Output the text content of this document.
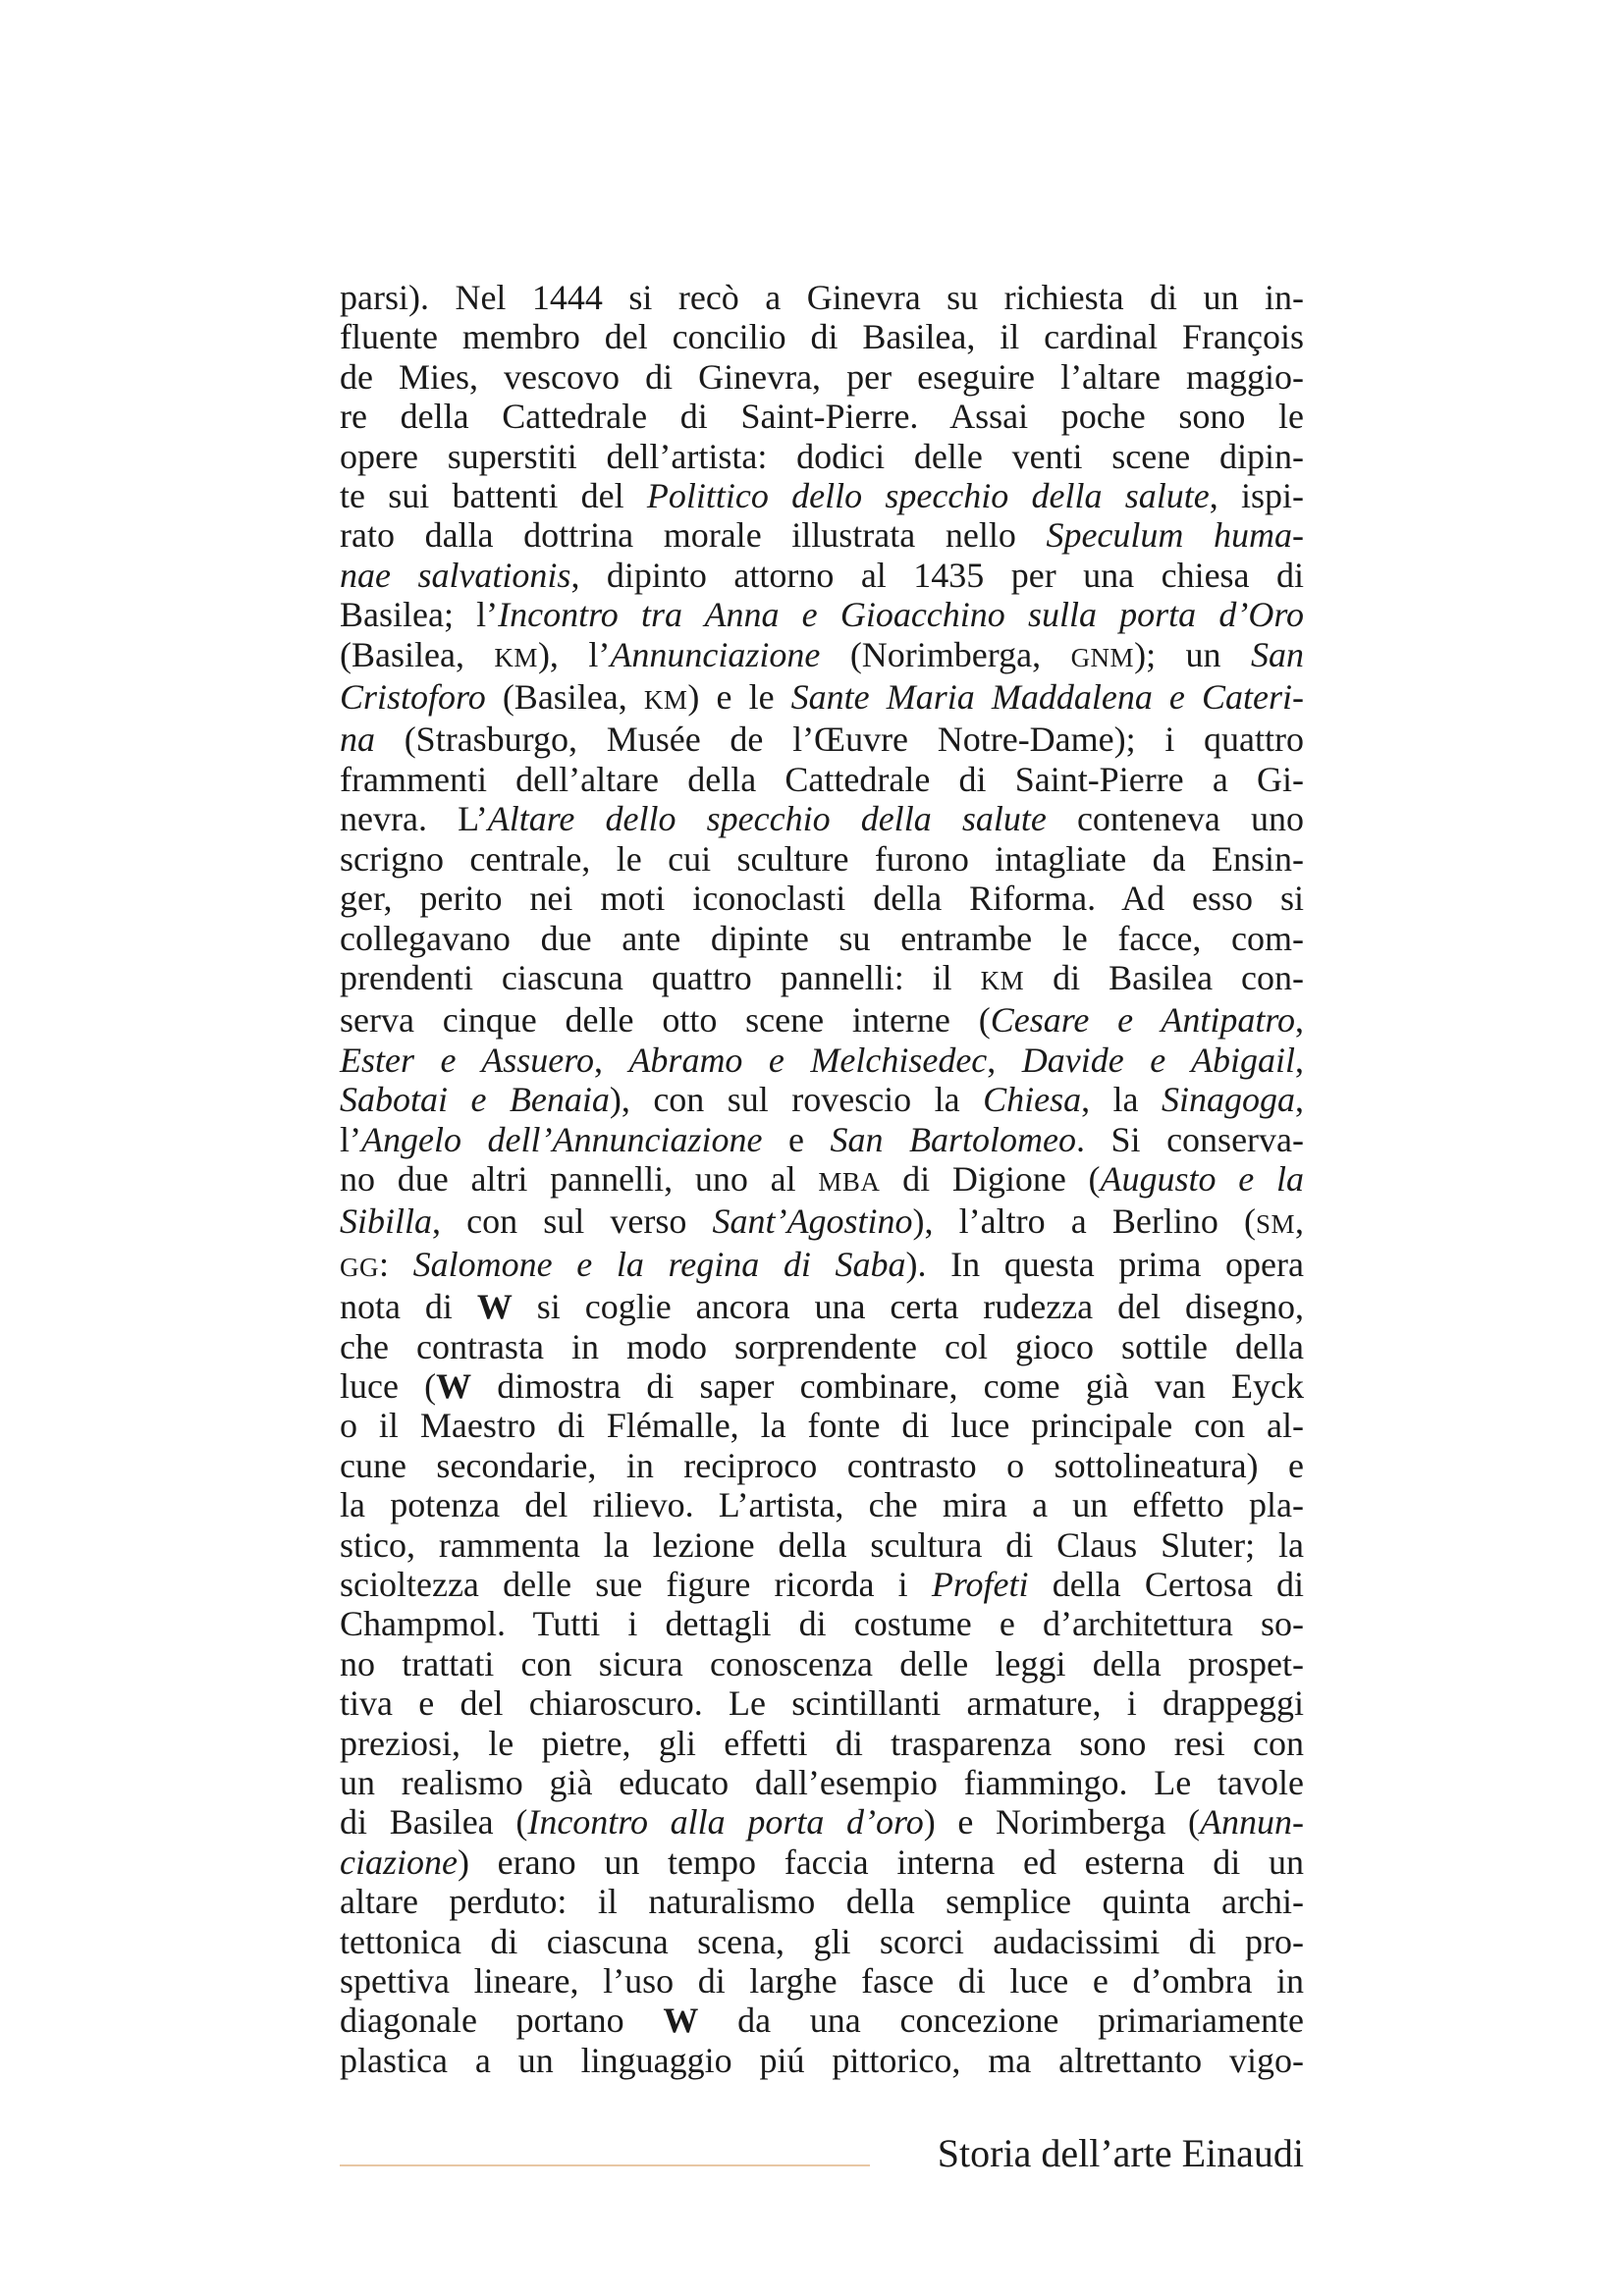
parsi). Nel 1444 si recò a Ginevra su richiesta di un in-
fluente membro del concilio di Basilea, il cardinal François
de Mies, vescovo di Ginevra, per eseguire l’altare maggio-
re della Cattedrale di Saint-Pierre. Assai poche sono le
opere superstiti dell’artista: dodici delle venti scene dipin-
te sui battenti del Polittico dello specchio della salute, ispi-
rato dalla dottrina morale illustrata nello Speculum huma-
nae salvationis, dipinto attorno al 1435 per una chiesa di
Basilea; l’Incontro tra Anna e Gioacchino sulla porta d’Oro
(Basilea, KM), l’Annunciazione (Norimberga, GNM); un San
Cristoforo (Basilea, KM) e le Sante Maria Maddalena e Cateri-
na (Strasburgo, Musée de l’Œuvre Notre-Dame); i quattro
frammenti dell’altare della Cattedrale di Saint-Pierre a Gi-
nevra. L’Altare dello specchio della salute conteneva uno
scrigno centrale, le cui sculture furono intagliate da Ensin-
ger, perito nei moti iconoclasti della Riforma. Ad esso si
collegavano due ante dipinte su entrambe le facce, com-
prendenti ciascuna quattro pannelli: il KM di Basilea con-
serva cinque delle otto scene interne (Cesare e Antipatro,
Ester e Assuero, Abramo e Melchisedec, Davide e Abigail,
Sabotai e Benaia), con sul rovescio la Chiesa, la Sinagoga,
l’Angelo dell’Annunciazione e San Bartolomeo. Si conserva-
no due altri pannelli, uno al MBA di Digione (Augusto e la
Sibilla, con sul verso Sant’Agostino), l’altro a Berlino (SM,
GG: Salomone e la regina di Saba). In questa prima opera
nota di W si coglie ancora una certa rudezza del disegno,
che contrasta in modo sorprendente col gioco sottile della
luce (W dimostra di saper combinare, come già van Eyck
o il Maestro di Flémalle, la fonte di luce principale con al-
cune secondarie, in reciproco contrasto o sottolineatura) e
la potenza del rilievo. L’artista, che mira a un effetto pla-
stico, rammenta la lezione della scultura di Claus Sluter; la
scioltezza delle sue figure ricorda i Profeti della Certosa di
Champmol. Tutti i dettagli di costume e d’architettura so-
no trattati con sicura conoscenza delle leggi della prospet-
tiva e del chiaroscuro. Le scintillanti armature, i drappeggi
preziosi, le pietre, gli effetti di trasparenza sono resi con
un realismo già educato dall’esempio fiammingo. Le tavole
di Basilea (Incontro alla porta d’oro) e Norimberga (Annun-
ciazione) erano un tempo faccia interna ed esterna di un
altare perduto: il naturalismo della semplice quinta archi-
tettonica di ciascuna scena, gli scorci audacissimi di pro-
spettiva lineare, l’uso di larghe fasce di luce e d’ombra in
diagonale portano W da una concezione primariamente
plastica a un linguaggio piú pittorico, ma altrettanto vigo-
Storia dell’arte Einaudi
